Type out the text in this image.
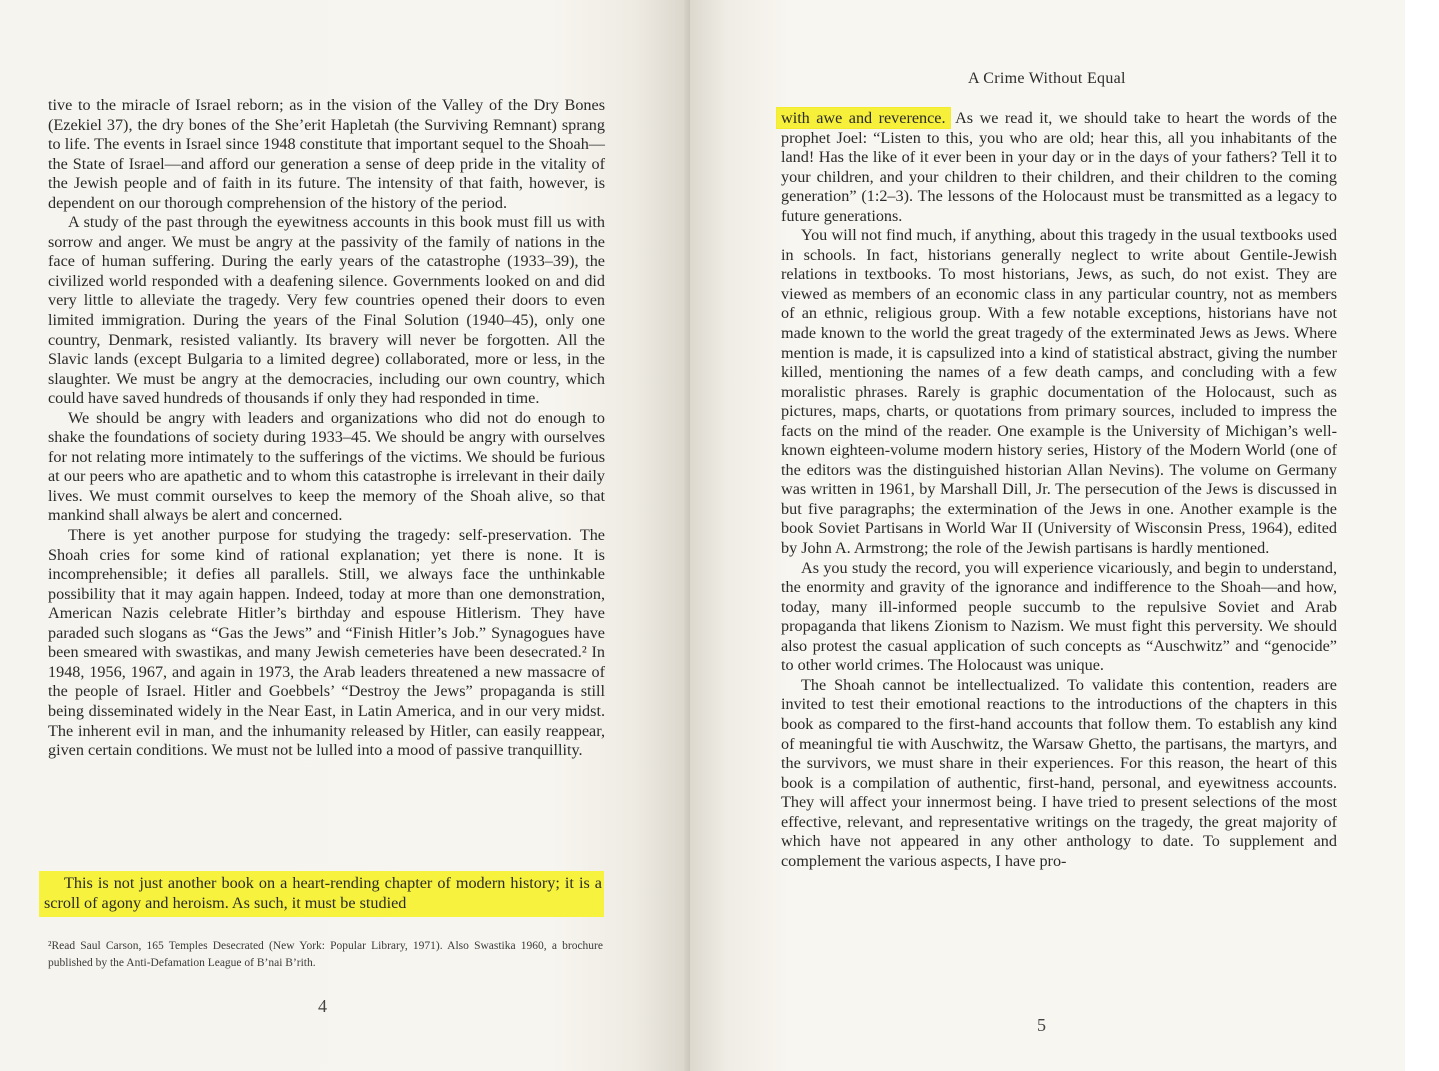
tive to the miracle of Israel reborn; as in the vision of the Valley of the Dry Bones (Ezekiel 37), the dry bones of the She’erit Hapletah (the Surviving Remnant) sprang to life. The events in Israel since 1948 constitute that important sequel to the Shoah—the State of Israel—and afford our generation a sense of deep pride in the vitality of the Jewish people and of faith in its future. The intensity of that faith, however, is dependent on our thorough comprehension of the history of the period.

A study of the past through the eyewitness accounts in this book must fill us with sorrow and anger. We must be angry at the passivity of the family of nations in the face of human suffering. During the early years of the catastrophe (1933–39), the civilized world responded with a deafening silence. Governments looked on and did very little to alleviate the tragedy. Very few countries opened their doors to even limited immigration. During the years of the Final Solution (1940–45), only one country, Denmark, resisted valiantly. Its bravery will never be forgotten. All the Slavic lands (except Bulgaria to a limited degree) collaborated, more or less, in the slaughter. We must be angry at the democracies, including our own country, which could have saved hundreds of thousands if only they had responded in time.

We should be angry with leaders and organizations who did not do enough to shake the foundations of society during 1933–45. We should be angry with ourselves for not relating more intimately to the sufferings of the victims. We should be furious at our peers who are apathetic and to whom this catastrophe is irrelevant in their daily lives. We must commit ourselves to keep the memory of the Shoah alive, so that mankind shall always be alert and concerned.

There is yet another purpose for studying the tragedy: self-preservation. The Shoah cries for some kind of rational explanation; yet there is none. It is incomprehensible; it defies all parallels. Still, we always face the unthinkable possibility that it may again happen. Indeed, today at more than one demonstration, American Nazis celebrate Hitler’s birthday and espouse Hitlerism. They have paraded such slogans as “Gas the Jews” and “Finish Hitler’s Job.” Synagogues have been smeared with swastikas, and many Jewish cemeteries have been desecrated.² In 1948, 1956, 1967, and again in 1973, the Arab leaders threatened a new massacre of the people of Israel. Hitler and Goebbels’ “Destroy the Jews” propaganda is still being disseminated widely in the Near East, in Latin America, and in our very midst. The inherent evil in man, and the inhumanity released by Hitler, can easily reappear, given certain conditions. We must not be lulled into a mood of passive tranquillity.

This is not just another book on a heart-rending chapter of modern history; it is a scroll of agony and heroism. As such, it must be studied

²Read Saul Carson, 165 Temples Desecrated (New York: Popular Library, 1971). Also Swastika 1960, a brochure published by the Anti-Defamation League of B’nai B’rith.
4
A Crime Without Equal

with awe and reverence. As we read it, we should take to heart the words of the prophet Joel: “Listen to this, you who are old; hear this, all you inhabitants of the land! Has the like of it ever been in your day or in the days of your fathers? Tell it to your children, and your children to their children, and their children to the coming generation” (1:2–3). The lessons of the Holocaust must be transmitted as a legacy to future generations.

You will not find much, if anything, about this tragedy in the usual textbooks used in schools. In fact, historians generally neglect to write about Gentile-Jewish relations in textbooks. To most historians, Jews, as such, do not exist. They are viewed as members of an economic class in any particular country, not as members of an ethnic, religious group. With a few notable exceptions, historians have not made known to the world the great tragedy of the exterminated Jews as Jews. Where mention is made, it is capsulized into a kind of statistical abstract, giving the number killed, mentioning the names of a few death camps, and concluding with a few moralistic phrases. Rarely is graphic documentation of the Holocaust, such as pictures, maps, charts, or quotations from primary sources, included to impress the facts on the mind of the reader. One example is the University of Michigan’s well-known eighteen-volume modern history series, History of the Modern World (one of the editors was the distinguished historian Allan Nevins). The volume on Germany was written in 1961, by Marshall Dill, Jr. The persecution of the Jews is discussed in but five paragraphs; the extermination of the Jews in one. Another example is the book Soviet Partisans in World War II (University of Wisconsin Press, 1964), edited by John A. Armstrong; the role of the Jewish partisans is hardly mentioned.

As you study the record, you will experience vicariously, and begin to understand, the enormity and gravity of the ignorance and indifference to the Shoah—and how, today, many ill-informed people succumb to the repulsive Soviet and Arab propaganda that likens Zionism to Nazism. We must fight this perversity. We should also protest the casual application of such concepts as “Auschwitz” and “genocide” to other world crimes. The Holocaust was unique.

The Shoah cannot be intellectualized. To validate this contention, readers are invited to test their emotional reactions to the introductions of the chapters in this book as compared to the first-hand accounts that follow them. To establish any kind of meaningful tie with Auschwitz, the Warsaw Ghetto, the partisans, the martyrs, and the survivors, we must share in their experiences. For this reason, the heart of this book is a compilation of authentic, first-hand, personal, and eyewitness accounts. They will affect your innermost being. I have tried to present selections of the most effective, relevant, and representative writings on the tragedy, the great majority of which have not appeared in any other anthology to date. To supplement and complement the various aspects, I have pro-

5
